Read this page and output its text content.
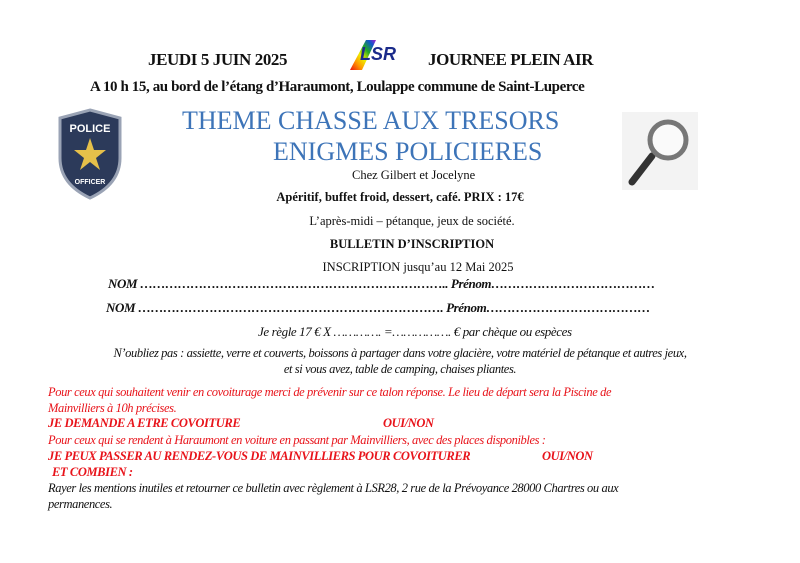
JEUDI 5 JUIN 2025	LSR JOURNEE PLEIN AIR
A 10 h 15, au bord de l’étang d’Haraumont, Loulappe commune de Saint-Luperce
POLICE
OFFICER
THEME CHASSE AUX TRESORS
ENIGMES POLICIERES
Chez Gilbert et Jocelyne
Apéritif, buffet froid, dessert, café. PRIX : 17€
L’après-midi – pétanque, jeux de société.
BULLETIN D’INSCRIPTION
INSCRIPTION jusqu’au 12 Mai 2025
NOM ……………………………………………………………….. Prénom…………………………………
NOM ………………………………………………………………. Prénom…………………………………
Je règle 17 € X …………. =……………. € par chèque ou espèces
N’oubliez pas : assiette, verre et couverts, boissons à partager dans votre glacière, votre matériel de pétanque et autres jeux,
et si vous avez, table de camping, chaises pliantes.
Pour ceux qui souhaitent venir en covoiturage merci de prévenir sur ce talon réponse. Le lieu de départ sera la Piscine de
Mainvilliers à 10h précises.
JE DEMANDE A ETRE COVOITURE	OUI/NON
Pour ceux qui se rendent à Haraumont en voiture en passant par Mainvilliers, avec des places disponibles :
JE PEUX PASSER AU RENDEZ-VOUS DE MAINVILLIERS POUR COVOITURER	OUI/NON
ET COMBIEN :
Rayer les mentions inutiles et retourner ce bulletin avec règlement à LSR28, 2 rue de la Prévoyance 28000 Chartres ou aux
permanences.
